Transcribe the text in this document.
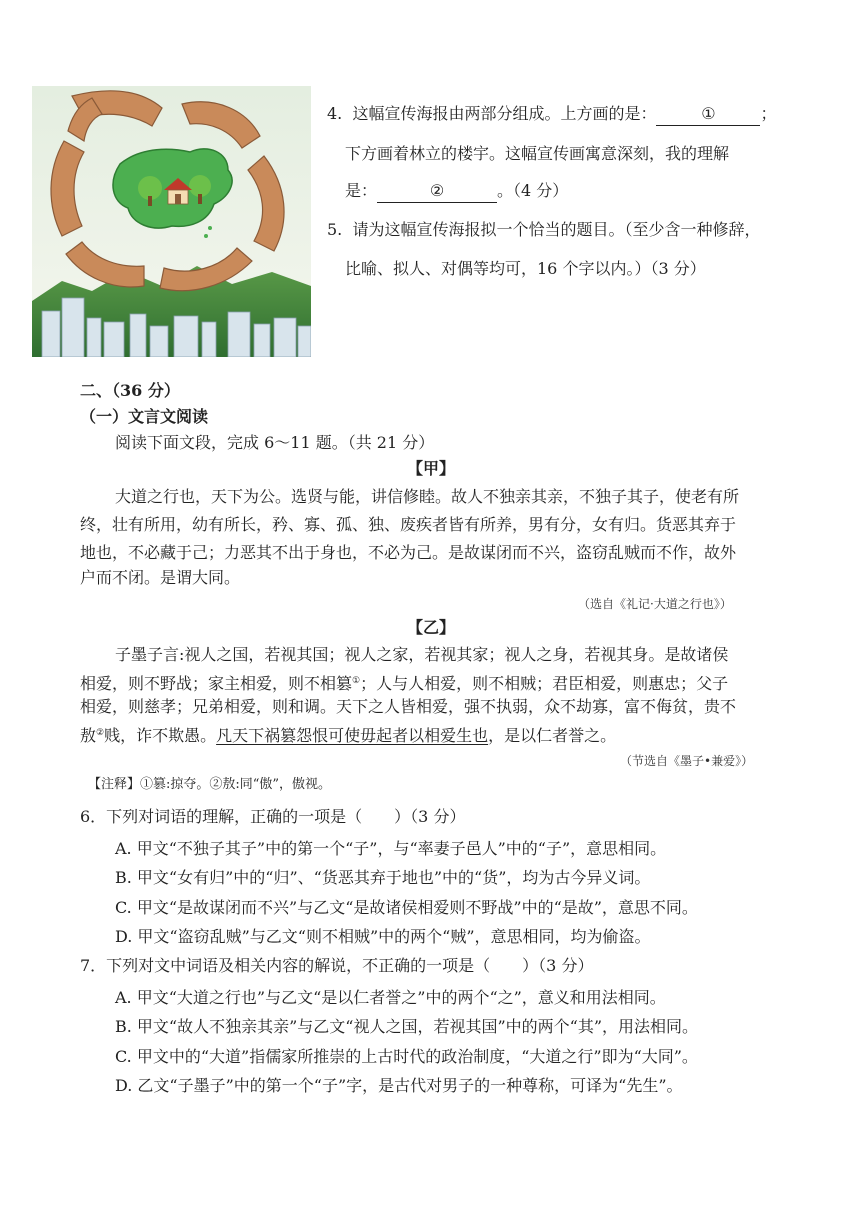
4. 这幅宣传海报由两部分组成。上方画的是：	①	；
下方画着林立的楼宇。这幅宣传画寓意深刻，我的理解
是：	②	。（4 分）
5. 请为这幅宣传海报拟一个恰当的题目。（至少含一种修辞，
比喻、拟人、对偶等均可，16 个字以内。）（3 分）
二、（36 分）
（一）文言文阅读
阅读下面文段，完成 6～11 题。（共 21 分）
【甲】
大道之行也，天下为公。选贤与能，讲信修睦。故人不独亲其亲，不独子其子，使老有所
终，壮有所用，幼有所长，矜、寡、孤、独、废疾者皆有所养，男有分，女有归。货恶其弃于
地也，不必藏于己；力恶其不出于身也，不必为己。是故谋闭而不兴，盗窃乱贼而不作，故外
户而不闭。是谓大同。
（选自《礼记·大道之行也》）
【乙】
子墨子言:视人之国，若视其国；视人之家，若视其家；视人之身，若视其身。是故诸侯
相爱，则不野战；家主相爱，则不相篡①；人与人相爱，则不相贼；君臣相爱，则惠忠；父子
相爱，则慈孝；兄弟相爱，则和调。天下之人皆相爱，强不执弱，众不劫寡，富不侮贫，贵不
敖②贱，诈不欺愚。凡天下祸篡怨恨可使毋起者以相爱生也，是以仁者誉之。
（节选自《墨子•兼爱》）
【注释】①篡:掠夺。②敖:同“傲”，傲视。
6．下列对词语的理解，正确的一项是（　　）（3 分）
A. 甲文“不独子其子”中的第一个“子”，与“率妻子邑人”中的“子”，意思相同。
B. 甲文“女有归”中的“归”、“货恶其弃于地也”中的“货”，均为古今异义词。
C. 甲文“是故谋闭而不兴”与乙文“是故诸侯相爱则不野战”中的“是故”，意思不同。
D. 甲文“盗窃乱贼”与乙文“则不相贼”中的两个“贼”，意思相同，均为偷盗。
7．下列对文中词语及相关内容的解说，不正确的一项是（　　）（3 分）
A. 甲文“大道之行也”与乙文“是以仁者誉之”中的两个“之”，意义和用法相同。
B. 甲文“故人不独亲其亲”与乙文“视人之国，若视其国”中的两个“其”，用法相同。
C. 甲文中的“大道”指儒家所推崇的上古时代的政治制度，“大道之行”即为“大同”。
D. 乙文“子墨子”中的第一个“子”字，是古代对男子的一种尊称，可译为“先生”。
